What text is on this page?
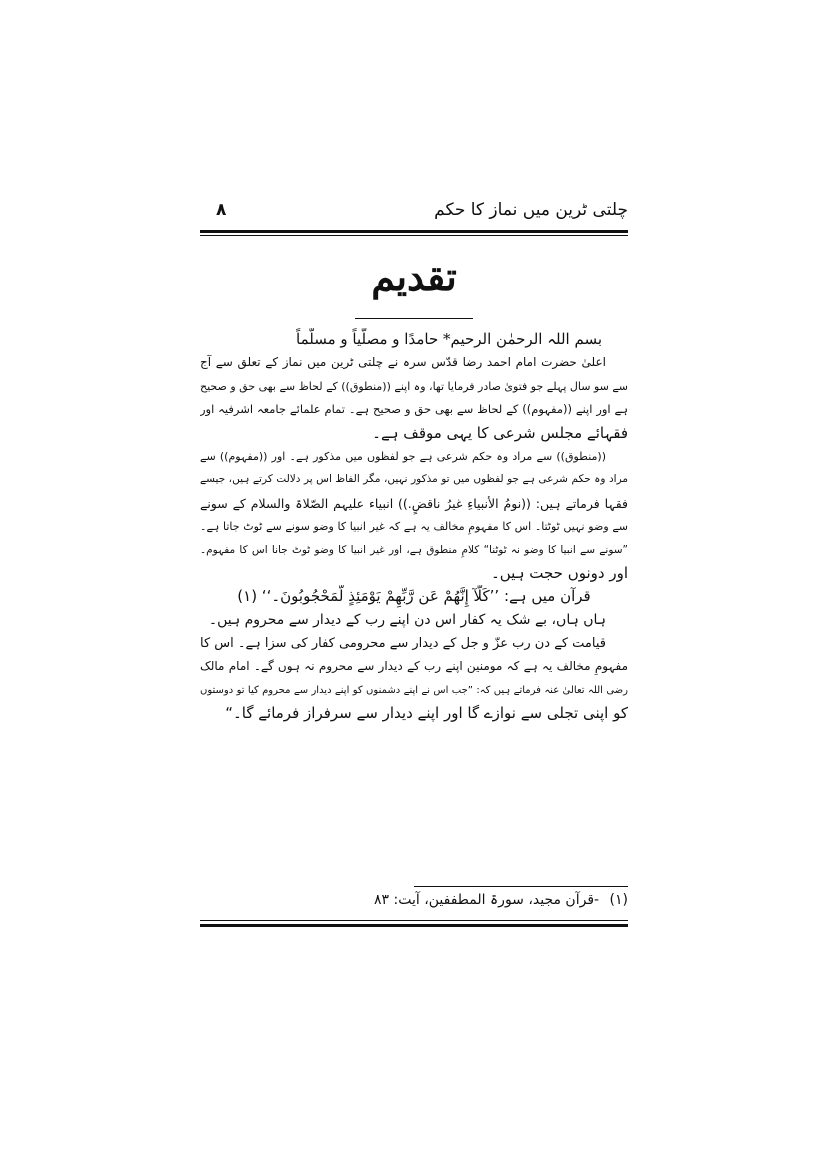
چلتی ٹرین میں نماز کا حکم
۸
تقدیم
بسم اللہ الرحمٰن الرحیم* حامدًا و مصلّیاً و مسلّماً
اعلیٰ حضرت امام احمد رضا قدّس سرہ نے چلتی ٹرین میں نماز کے تعلق سے آج
سے سو سال پہلے جو فتویٰ صادر فرمایا تھا، وہ اپنے ((منطوق)) کے لحاظ سے بھی حق و صحیح
ہے اور اپنے ((مفہوم)) کے لحاظ سے بھی حق و صحیح ہے۔ تمام علمائے جامعہ اشرفیہ اور
فقہائے مجلس شرعی کا یہی موقف ہے۔
((منطوق)) سے مراد وہ حکم شرعی ہے جو لفظوں میں مذکور ہے۔ اور ((مفہوم)) سے
مراد وہ حکم شرعی ہے جو لفظوں میں تو مذکور نہیں، مگر الفاظ اس پر دلالت کرتے ہیں، جیسے
فقہا فرماتے ہیں: ((نومُ الأنبياءِ غيرُ ناقضٍ.)) انبیاء علیہم الصّلاۃ والسلام کے سونے
سے وضو نہیں ٹوٹتا۔ اس کا مفہومِ مخالف یہ ہے کہ غیر انبیا کا وضو سونے سے ٹوٹ جاتا ہے۔
”سونے سے انبیا کا وضو نہ ٹوٹنا“ کلامِ منطوق ہے، اور غیر انبیا کا وضو ٹوٹ جانا اس کا مفہوم۔
اور دونوں حجت ہیں۔
قرآن میں ہے: ’’كَلَّآ إِنَّهُمْ عَن رَّبِّهِمْ يَوْمَئِذٍ لَّمَحْجُوبُونَ۔‘‘ (۱)
ہاں ہاں، بے شک یہ کفار اس دن اپنے رب کے دیدار سے محروم ہیں۔
قیامت کے دن رب عزّ و جل کے دیدار سے محرومی کفار کی سزا ہے۔ اس کا
مفہومِ مخالف یہ ہے کہ مومنین اپنے رب کے دیدار سے محروم نہ ہوں گے۔ امام مالک
رضی اللہ تعالیٰ عنہ فرماتے ہیں کہ: ”جب اس نے اپنے دشمنوں کو اپنے دیدار سے محروم کیا تو دوستوں
کو اپنی تجلی سے نوازے گا اور اپنے دیدار سے سرفراز فرمائے گا۔“
(۱) -قرآن مجید، سورۃ المطففین، آیت: ۸۳
